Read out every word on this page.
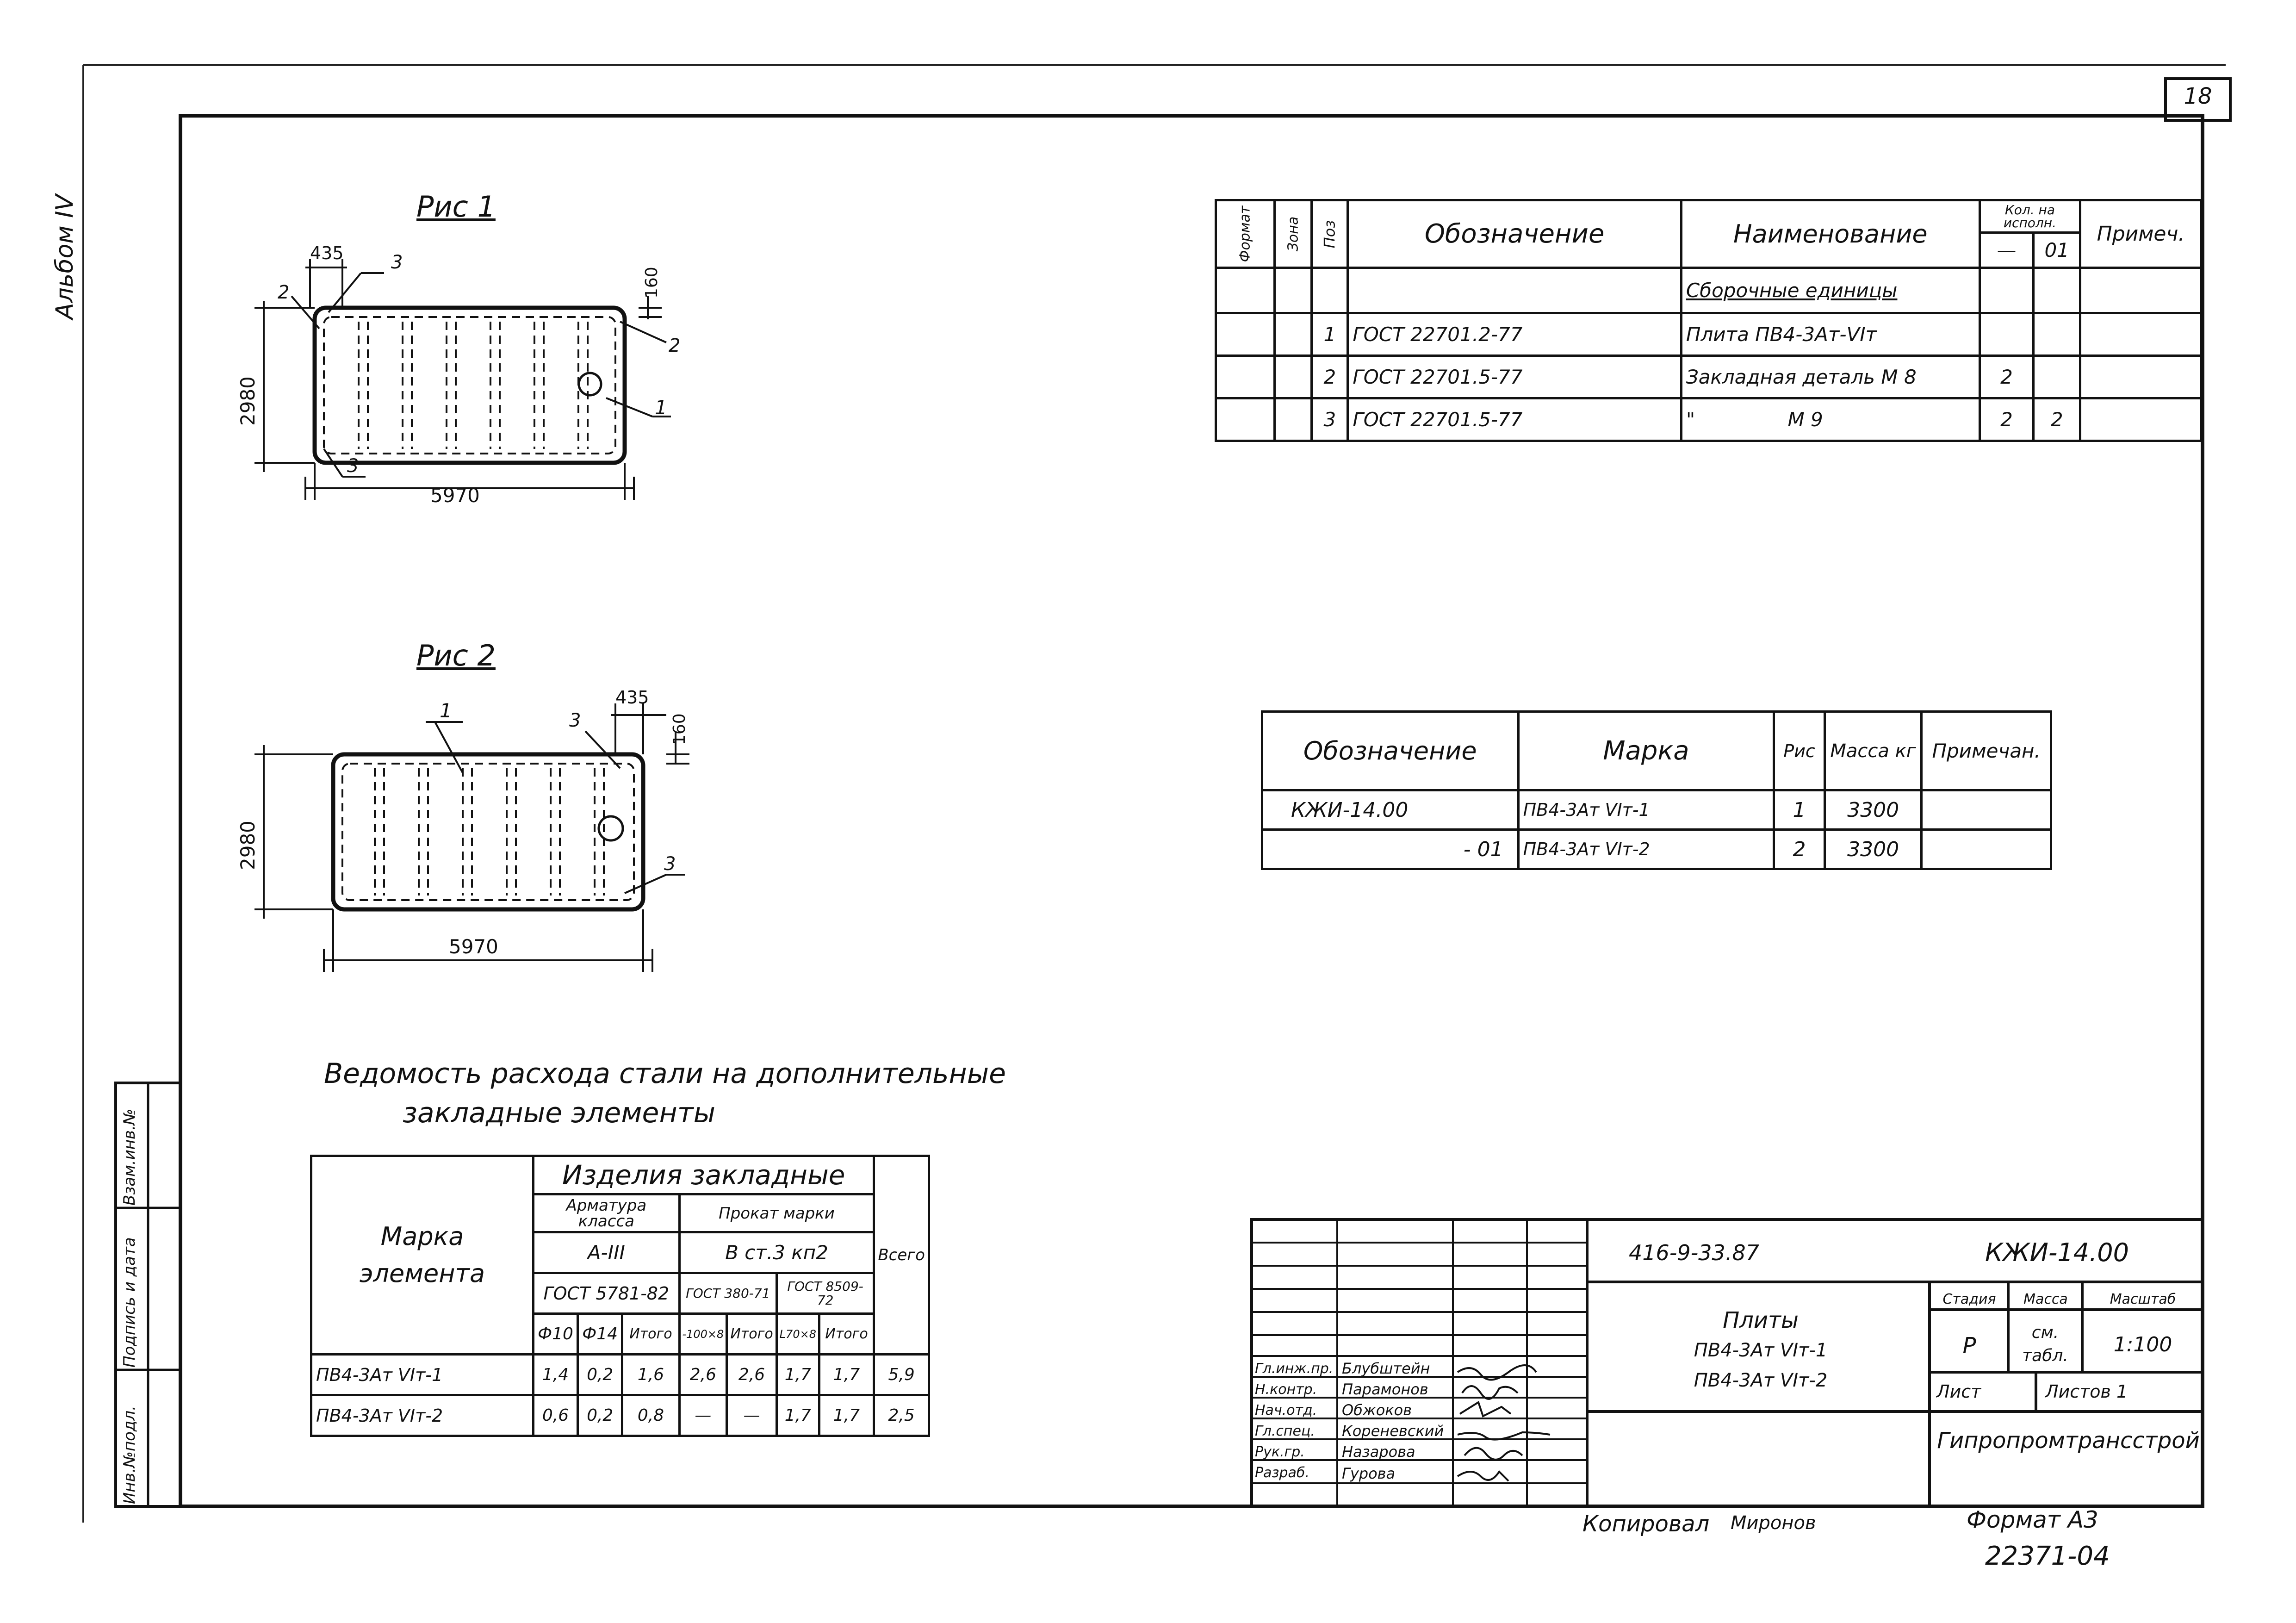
18
Альбом IV
Инв.№подл.
Подпись и дата
Взам.инв.№
Рис 1
5970
2980
435
160
1
2
2
3
3
Рис 2
5970
2980
435
160
1	3
3
Формат	Зона	Поз	Обозначение	Наименование	Кол. на исполн.		Примеч.
					—	01	
				Сборочные единицы			
		1	ГОСТ 22701.2-77	Плита ПВ4-3Ат-VIт			
		2	ГОСТ 22701.5-77	Закладная деталь М 8	2		
		3	ГОСТ 22701.5-77	"               М 9	2	2	
Обозначение	Марка	Рис	Масса кг	Примечан.
КЖИ-14.00	ПВ4-3Ат VIт-1	1	3300	
- 01	ПВ4-3Ат VIт-2	2	3300	
Ведомость расхода стали на дополнительные
закладные элементы
Марка элемента	Изделия закладные							Всего
	Арматура класса			Прокат марки				
	А-III			В ст.3 кп2				
	ГОСТ 5781-82			ГОСТ 380-71		ГОСТ 8509-72		
	Ф10	Ф14	Итого	-100×8	Итого	L70×8	Итого	
ПВ4-3Ат VIт-1	1,4	0,2	1,6	2,6	2,6	1,7	1,7	5,9
ПВ4-3Ат VIт-2	0,6	0,2	0,8	—	—	1,7	1,7	2,5
416-9-33.87	КЖИ-14.00
Плиты
ПВ4-3Ат VIт-1
ПВ4-3Ат VIт-2
Стадия	Масса	Масштаб
Р
см. табл.	1:100
Лист	Листов 1
Гипропромтрансстрой
Гл.инж.пр. Блубштейн
Н.контр. Парамонов
Нач.отд. Обжоков
Гл.спец. Кореневский
Рук.гр.	Назарова
Разраб. Гурова
Копировал Миронов	Формат А3
22371-04
